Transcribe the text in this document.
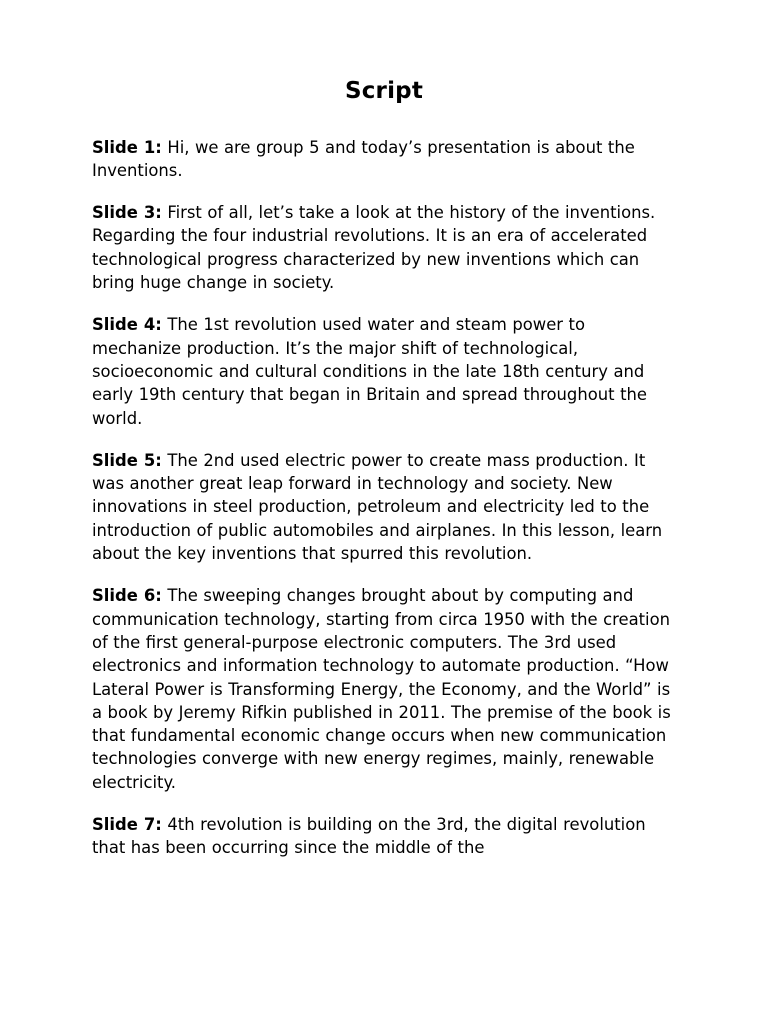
Script

Slide 1: Hi, we are group 5 and today’s presentation is about the Inventions.

Slide 3: First of all, let’s take a look at the history of the inventions. Regarding the four industrial revolutions. It is an era of accelerated technological progress characterized by new inventions which can bring huge change in society.

Slide 4: The 1st revolution used water and steam power to mechanize production. It’s the major shift of technological, socioeconomic and cultural conditions in the late 18th century and early 19th century that began in Britain and spread throughout the world.

Slide 5: The 2nd used electric power to create mass production. It was another great leap forward in technology and society. New innovations in steel production, petroleum and electricity led to the introduction of public automobiles and airplanes. In this lesson, learn about the key inventions that spurred this revolution.

Slide 6: The sweeping changes brought about by computing and communication technology, starting from circa 1950 with the creation of the first general-purpose electronic computers. The 3rd used electronics and information technology to automate production. “How Lateral Power is Transforming Energy, the Economy, and the World” is a book by Jeremy Rifkin published in 2011. The premise of the book is that fundamental economic change occurs when new communication technologies converge with new energy regimes, mainly, renewable electricity.

Slide 7: 4th revolution is building on the 3rd, the digital revolution that has been occurring since the middle of the
